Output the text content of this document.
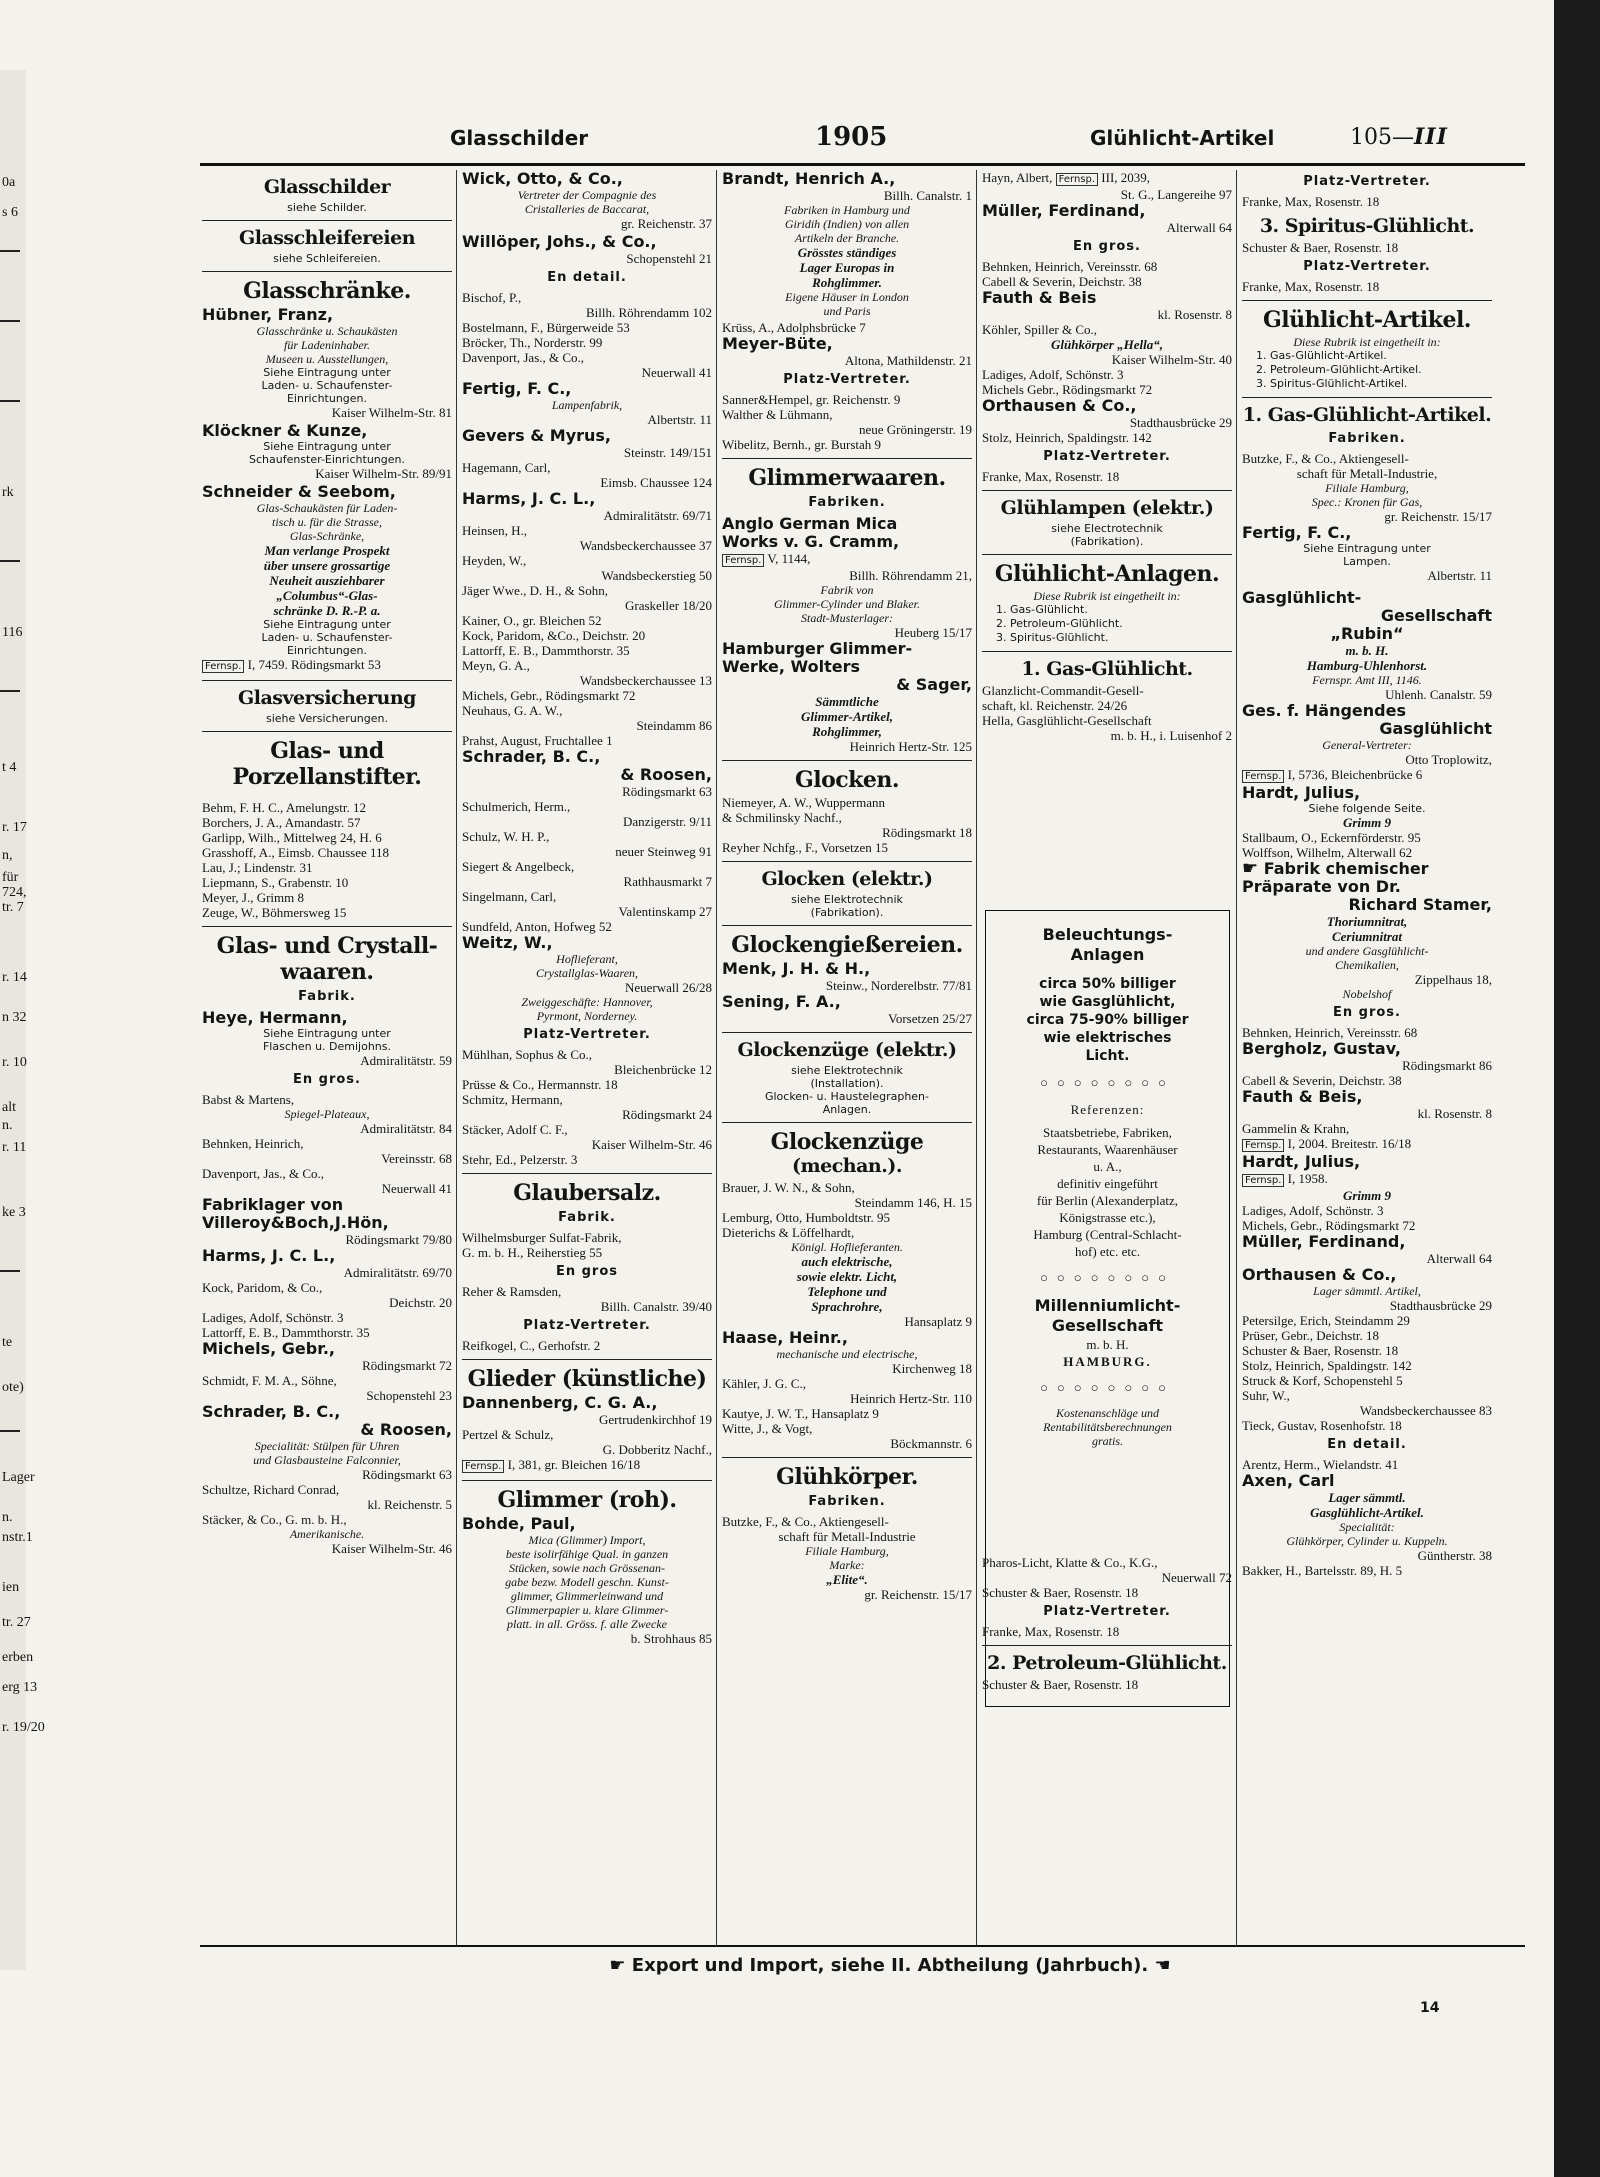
0a
s 6
rk
116
t 4
r. 17
n,
für
724,
tr. 7
r. 14
n 32
r. 10
alt
n.
r. 11
ke 3
te
ote)
Lager
n.
nstr.1
ien
tr. 27
erben
erg 13
r. 19/20
Glasschilder	1905	Glühlicht-Artikel	105—III
Glasschilder
siehe Schilder.
Glasschleifereien
siehe Schleifereien.
Glasschränke.
Hübner, Franz,
Glasschränke u. Schaukästen
für Ladeninhaber.
Museen u. Ausstellungen,
Siehe Eintragung unter
Laden- u. Schaufenster-
Einrichtungen.
Kaiser Wilhelm-Str. 81
Klöckner & Kunze,
Siehe Eintragung unter
Schaufenster-Einrichtungen.
Kaiser Wilhelm-Str. 89/91
Schneider & Seebom,
Glas-Schaukästen für Laden-
tisch u. für die Strasse,
Glas-Schränke,
Man verlange Prospekt
über unsere grossartige
Neuheit ausziehbarer
„Columbus“-Glas-
schränke D. R.-P. a.
Siehe Eintragung unter
Laden- u. Schaufenster-
Einrichtungen.
Fernsp. I, 7459. Rödingsmarkt 53
Glasversicherung
siehe Versicherungen.
Glas- und
Porzellanstifter.
Behm, F. H. C., Amelungstr. 12
Borchers, J. A., Amandastr. 57
Garlipp, Wilh., Mittelweg 24, H. 6
Grasshoff, A., Eimsb. Chaussee 118
Lau, J.; Lindenstr. 31
Liepmann, S., Grabenstr. 10
Meyer, J., Grimm 8
Zeuge, W., Böhmersweg 15
Glas- und Crystall-
waaren.
Fabrik.
Heye, Hermann,
Siehe Eintragung unter
Flaschen u. Demijohns.
Admiralitätstr. 59
En gros.
Babst & Martens,
Spiegel-Plateaux,
Admiralitätstr. 84
Behnken, Heinrich,
Vereinsstr. 68
Davenport, Jas., & Co.,
Neuerwall 41
Fabriklager von
Villeroy&Boch,J.Hön,
Rödingsmarkt 79/80
Harms, J. C. L.,
Admiralitätstr. 69/70
Kock, Paridom, & Co.,
Deichstr. 20
Ladiges, Adolf, Schönstr. 3
Lattorff, E. B., Dammthorstr. 35
Michels, Gebr.,
Rödingsmarkt 72
Schmidt, F. M. A., Söhne,
Schopenstehl 23
Schrader, B. C.,
& Roosen,
Specialität: Stülpen für Uhren
und Glasbausteine Falconnier,
Rödingsmarkt 63
Schultze, Richard Conrad,
kl. Reichenstr. 5
Stäcker, & Co., G. m. b. H.,
Amerikanische.
Kaiser Wilhelm-Str. 46
Wick, Otto, & Co.,
Vertreter der Compagnie des
Cristalleries de Baccarat,
gr. Reichenstr. 37
Willöper, Johs., & Co.,
Schopenstehl 21
En detail.
Bischof, P.,
Billh. Röhrendamm 102
Bostelmann, F., Bürgerweide 53
Bröcker, Th., Norderstr. 99
Davenport, Jas., & Co.,
Neuerwall 41
Fertig, F. C.,
Lampenfabrik,
Albertstr. 11
Gevers & Myrus,
Steinstr. 149/151
Hagemann, Carl,
Eimsb. Chaussee 124
Harms, J. C. L.,
Admiralitätstr. 69/71
Heinsen, H.,
Wandsbeckerchaussee 37
Heyden, W.,
Wandsbeckerstieg 50
Jäger Wwe., D. H., & Sohn,
Graskeller 18/20
Kainer, O., gr. Bleichen 52
Kock, Paridom, &Co., Deichstr. 20
Lattorff, E. B., Dammthorstr. 35
Meyn, G. A.,
Wandsbeckerchaussee 13
Michels, Gebr., Rödingsmarkt 72
Neuhaus, G. A. W.,
Steindamm 86
Prahst, August, Fruchtallee 1
Schrader, B. C.,
& Roosen,
Rödingsmarkt 63
Schulmerich, Herm.,
Danzigerstr. 9/11
Schulz, W. H. P.,
neuer Steinweg 91
Siegert & Angelbeck,
Rathhausmarkt 7
Singelmann, Carl,
Valentinskamp 27
Sundfeld, Anton, Hofweg 52
Weitz, W.,
Hoflieferant,
Crystallglas-Waaren,
Neuerwall 26/28
Zweiggeschäfte: Hannover,
Pyrmont, Norderney.
Platz-Vertreter.
Mühlhan, Sophus & Co.,
Bleichenbrücke 12
Prüsse & Co., Hermannstr. 18
Schmitz, Hermann,
Rödingsmarkt 24
Stäcker, Adolf C. F.,
Kaiser Wilhelm-Str. 46
Stehr, Ed., Pelzerstr. 3
Glaubersalz.
Fabrik.
Wilhelmsburger Sulfat-Fabrik,
G. m. b. H., Reiherstieg 55
En gros
Reher & Ramsden,
Billh. Canalstr. 39/40
Platz-Vertreter.
Reifkogel, C., Gerhofstr. 2
Glieder (künstliche)
Dannenberg, C. G. A.,
Gertrudenkirchhof 19
Pertzel & Schulz,
G. Dobberitz Nachf.,
Fernsp. I, 381, gr. Bleichen 16/18
Glimmer (roh).
Bohde, Paul,
Mica (Glimmer) Import,
beste isolirfähige Qual. in ganzen
Stücken, sowie nach Grössenan-
gabe bezw. Modell geschn. Kunst-
glimmer, Glimmerleinwand und
Glimmerpapier u. klare Glimmer-
platt. in all. Gröss. f. alle Zwecke
b. Strohhaus 85
Brandt, Henrich A.,
Billh. Canalstr. 1
Fabriken in Hamburg und
Giridih (Indien) von allen
Artikeln der Branche.
Grösstes ständiges
Lager Europas in
Rohglimmer.
Eigene Häuser in London
und Paris
Krüss, A., Adolphsbrücke 7
Meyer-Büte,
Altona, Mathildenstr. 21
Platz-Vertreter.
Sanner&Hempel, gr. Reichenstr. 9
Walther & Lühmann,
neue Gröningerstr. 19
Wibelitz, Bernh., gr. Burstah 9
Glimmerwaaren.
Fabriken.
Anglo German Mica
Works v. G. Cramm,
Fernsp. V, 1144,
Billh. Röhrendamm 21,
Fabrik von
Glimmer-Cylinder und Blaker.
Stadt-Musterlager:
Heuberg 15/17
Hamburger Glimmer-
Werke, Wolters
& Sager,
Sämmtliche
Glimmer-Artikel,
Rohglimmer,
Heinrich Hertz-Str. 125
Glocken.
Niemeyer, A. W., Wuppermann
& Schmilinsky Nachf.,
Rödingsmarkt 18
Reyher Nchfg., F., Vorsetzen 15
Glocken (elektr.)
siehe Elektrotechnik
(Fabrikation).
Glockengießereien.
Menk, J. H. & H.,
Steinw., Norderelbstr. 77/81
Sening, F. A.,
Vorsetzen 25/27
Glockenzüge (elektr.)
siehe Elektrotechnik
(Installation).
Glocken- u. Haustelegraphen-
Anlagen.
Glockenzüge
(mechan.).
Brauer, J. W. N., & Sohn,
Steindamm 146, H. 15
Lemburg, Otto, Humboldtstr. 95
Dieterichs & Löffelhardt,
Königl. Hoflieferanten.
auch elektrische,
sowie elektr. Licht,
Telephone und
Sprachrohre,
Hansaplatz 9
Haase, Heinr.,
mechanische und electrische,
Kirchenweg 18
Kähler, J. G. C.,
Heinrich Hertz-Str. 110
Kautye, J. W. T., Hansaplatz 9
Witte, J., & Vogt,
Böckmannstr. 6
Glühkörper.
Fabriken.
Butzke, F., & Co., Aktiengesell-
schaft für Metall-Industrie
Filiale Hamburg,
Marke:
„Elite“.
gr. Reichenstr. 15/17
Hayn, Albert, Fernsp. III, 2039,
St. G., Langereihe 97
Müller, Ferdinand,
Alterwall 64
En gros.
Behnken, Heinrich, Vereinsstr. 68
Cabell & Severin, Deichstr. 38
Fauth & Beis
kl. Rosenstr. 8
Köhler, Spiller & Co.,
Glühkörper „Hella“,
Kaiser Wilhelm-Str. 40
Ladiges, Adolf, Schönstr. 3
Michels Gebr., Rödingsmarkt 72
Orthausen & Co.,
Stadthausbrücke 29
Stolz, Heinrich, Spaldingstr. 142
Platz-Vertreter.
Franke, Max, Rosenstr. 18
Glühlampen (elektr.)
siehe Electrotechnik
(Fabrikation).
Glühlicht-Anlagen.
Diese Rubrik ist eingetheilt in:
1. Gas-Glühlicht.
2. Petroleum-Glühlicht.
3. Spiritus-Glühlicht.
1. Gas-Glühlicht.
Glanzlicht-Commandit-Gesell-
schaft, kl. Reichenstr. 24/26
Hella, Gasglühlicht-Gesellschaft
m. b. H., i. Luisenhof 2
Pharos-Licht, Klatte & Co., K.G.,
Neuerwall 72
Schuster & Baer, Rosenstr. 18
Platz-Vertreter.
Franke, Max, Rosenstr. 18
2. Petroleum-Glühlicht.
Schuster & Baer, Rosenstr. 18
Beleuchtungs-
Anlagen
circa 50% billiger
wie Gasglühlicht,
circa 75-90% billiger
wie elektrisches
Licht.
○○○○○○○○
Referenzen:
Staatsbetriebe, Fabriken,
Restaurants, Waarenhäuser
u. A.,
definitiv eingeführt
für Berlin (Alexanderplatz,
Königstrasse etc.),
Hamburg (Central-Schlacht-
hof) etc. etc.
○○○○○○○○
Millenniumlicht-
Gesellschaft
m. b. H.
HAMBURG.
○○○○○○○○
Kostenanschläge und
Rentabilitätsberechnungen
gratis.
Platz-Vertreter.
Franke, Max, Rosenstr. 18
3. Spiritus-Glühlicht.
Schuster & Baer, Rosenstr. 18
Platz-Vertreter.
Franke, Max, Rosenstr. 18
Glühlicht-Artikel.
Diese Rubrik ist eingetheilt in:
1. Gas-Glühlicht-Artikel.
2. Petroleum-Glühlicht-Artikel.
3. Spiritus-Glühlicht-Artikel.
1. Gas-Glühlicht-Artikel.
Fabriken.
Butzke, F., & Co., Aktiengesell-
schaft für Metall-Industrie,
Filiale Hamburg,
Spec.: Kronen für Gas,
gr. Reichenstr. 15/17
Fertig, F. C.,
Siehe Eintragung unter
Lampen.
Albertstr. 11
Gasglühlicht-
Gesellschaft
„Rubin“
m. b. H.
Hamburg-Uhlenhorst.
Fernspr. Amt III, 1146.
Uhlenh. Canalstr. 59
Ges. f. Hängendes
Gasglühlicht
General-Vertreter:
Otto Troplowitz,
Fernsp. I, 5736, Bleichenbrücke 6
Hardt, Julius,
Siehe folgende Seite.
Grimm 9
Stallbaum, O., Eckernförderstr. 95
Wolffson, Wilhelm, Alterwall 62
☛ Fabrik chemischer
Präparate von Dr.
Richard Stamer,
Thoriumnitrat,
Ceriumnitrat
und andere Gasglühlicht-
Chemikalien,
Zippelhaus 18,
Nobelshof
En gros.
Behnken, Heinrich, Vereinsstr. 68
Bergholz, Gustav,
Rödingsmarkt 86
Cabell & Severin, Deichstr. 38
Fauth & Beis,
kl. Rosenstr. 8
Gammelin & Krahn,
Fernsp. I, 2004. Breitestr. 16/18
Hardt, Julius,
Fernsp. I, 1958.
Grimm 9
Ladiges, Adolf, Schönstr. 3
Michels, Gebr., Rödingsmarkt 72
Müller, Ferdinand,
Alterwall 64
Orthausen & Co.,
Lager sämmtl. Artikel,
Stadthausbrücke 29
Petersilge, Erich, Steindamm 29
Prüser, Gebr., Deichstr. 18
Schuster & Baer, Rosenstr. 18
Stolz, Heinrich, Spaldingstr. 142
Struck & Korf, Schopenstehl 5
Suhr, W.,
Wandsbeckerchaussee 83
Tieck, Gustav, Rosenhofstr. 18
En detail.
Arentz, Herm., Wielandstr. 41
Axen, Carl
Lager sämmtl.
Gasglühlicht-Artikel.
Specialität:
Glühkörper, Cylinder u. Kuppeln.
Güntherstr. 38
Bakker, H., Bartelsstr. 89, H. 5
☛ Export und Import, siehe II. Abtheilung (Jahrbuch). ☚
14
